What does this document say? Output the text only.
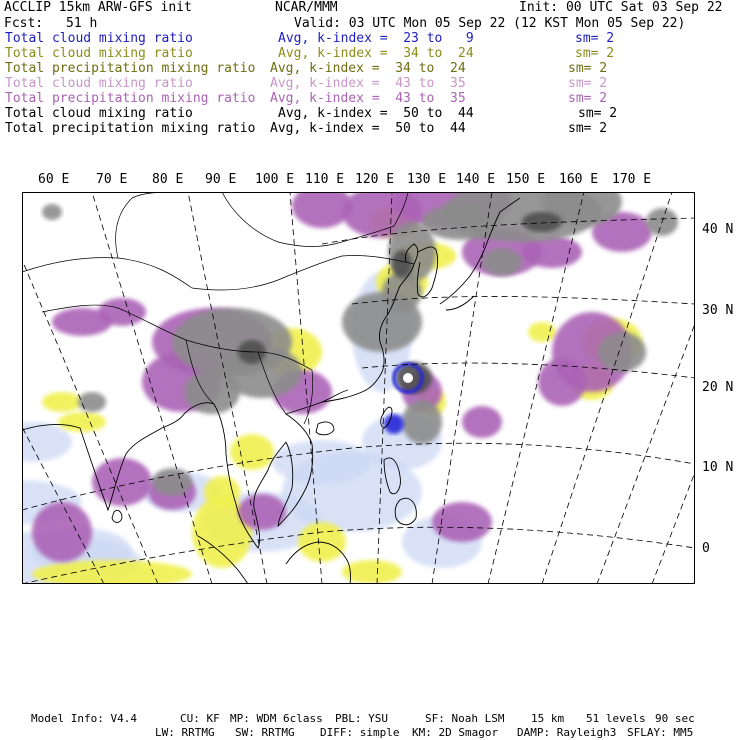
ACCLIP 15km ARW-GFS init	NCAR/MMM	Init: 00 UTC Sat 03 Sep 22
Fcst: 51 h	Valid: 03 UTC Mon 05 Sep 22 (12 KST Mon 05 Sep 22)
Total cloud mixing ratio	Avg, k-index =  23 to   9	sm= 2
Total cloud mixing ratio	Avg, k-index =  34 to  24	sm= 2
Total precipitation mixing ratio Avg, k-index =  34 to  24	sm= 2
Total cloud mixing ratio	Avg, k-index =  43 to  35	sm= 2
Total precipitation mixing ratio Avg, k-index =  43 to  35	sm= 2
Total cloud mixing ratio	Avg, k-index =  50 to  44	sm= 2
Total precipitation mixing ratio Avg, k-index =  50 to  44	sm= 2
60 E 70 E 80 E 90 E 100 E 110 E 120 E 130 E 140 E 150 E 160 E 170 E
40 N
30 N
20 N
10 N
0
Model Info: V4.4	CU: KF MP: WDM 6class PBL: YSU	SF: Noah LSM 15 km 51 levels 90 sec
LW: RRTMG SW: RRTMG DIFF: simple KM: 2D Smagor DAMP: Rayleigh3 SFLAY: MM5
